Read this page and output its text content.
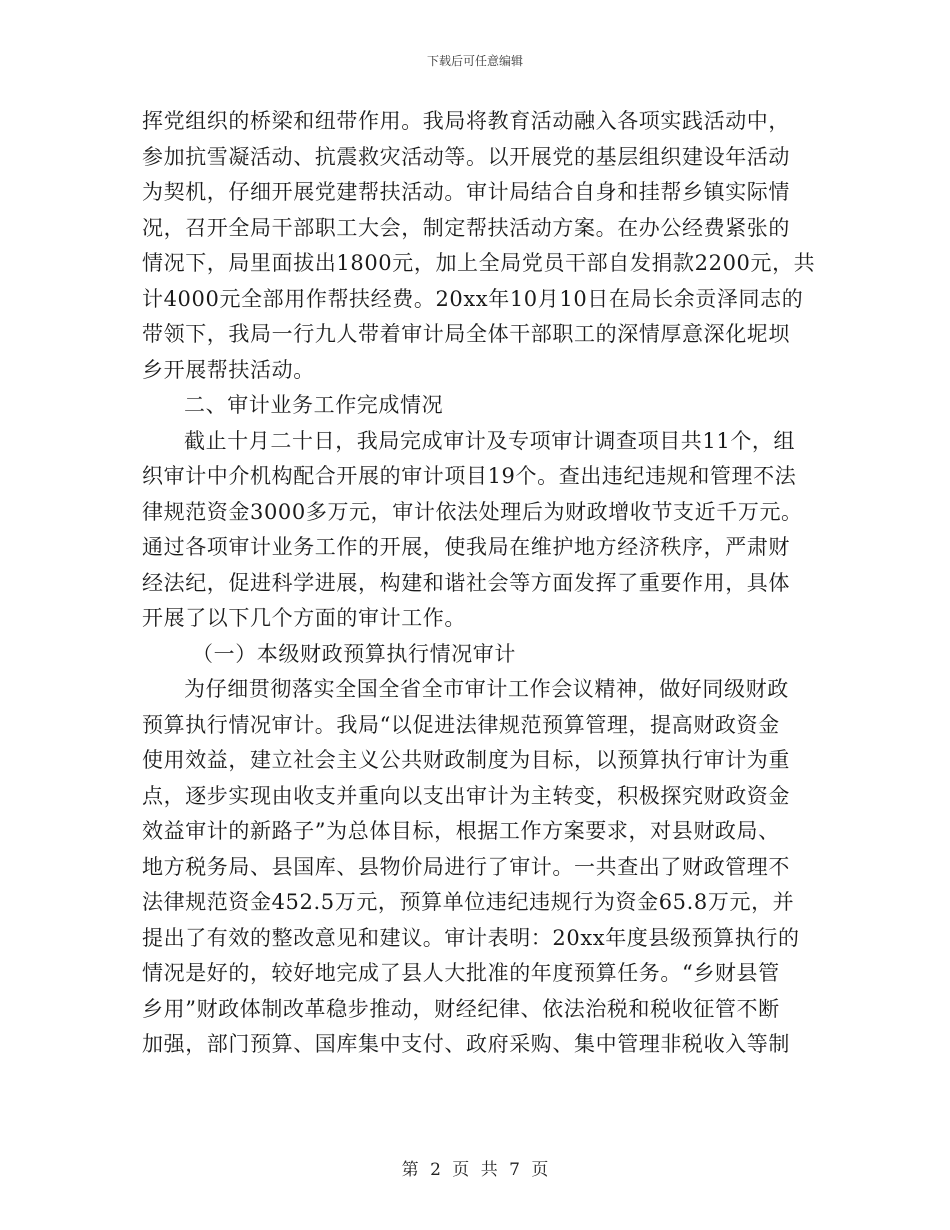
下载后可任意编辑
挥党组织的桥梁和纽带作用。我局将教育活动融入各项实践活动中，
参加抗雪凝活动、抗震救灾活动等。以开展党的基层组织建设年活动
为契机，仔细开展党建帮扶活动。审计局结合自身和挂帮乡镇实际情
况，召开全局干部职工大会，制定帮扶活动方案。在办公经费紧张的
情况下，局里面拔出1800元，加上全局党员干部自发捐款2200元，共
计4000元全部用作帮扶经费。20xx年10月10日在局长余贡泽同志的
带领下，我局一行九人带着审计局全体干部职工的深情厚意深化坭坝
乡开展帮扶活动。
二、审计业务工作完成情况
截止十月二十日，我局完成审计及专项审计调查项目共11个，组
织审计中介机构配合开展的审计项目19个。查出违纪违规和管理不法
律规范资金3000多万元，审计依法处理后为财政增收节支近千万元。
通过各项审计业务工作的开展，使我局在维护地方经济秩序，严肃财
经法纪，促进科学进展，构建和谐社会等方面发挥了重要作用，具体
开展了以下几个方面的审计工作。
（一）本级财政预算执行情况审计
为仔细贯彻落实全国全省全市审计工作会议精神，做好同级财政
预算执行情况审计。我局“以促进法律规范预算管理，提高财政资金
使用效益，建立社会主义公共财政制度为目标，以预算执行审计为重
点，逐步实现由收支并重向以支出审计为主转变，积极探究财政资金
效益审计的新路子”为总体目标，根据工作方案要求，对县财政局、
地方税务局、县国库、县物价局进行了审计。一共查出了财政管理不
法律规范资金452.5万元，预算单位违纪违规行为资金65.8万元，并
提出了有效的整改意见和建议。审计表明：20xx年度县级预算执行的
情况是好的，较好地完成了县人大批准的年度预算任务。“乡财县管
乡用”财政体制改革稳步推动，财经纪律、依法治税和税收征管不断
加强，部门预算、国库集中支付、政府采购、集中管理非税收入等制
第 2 页 共 7 页
